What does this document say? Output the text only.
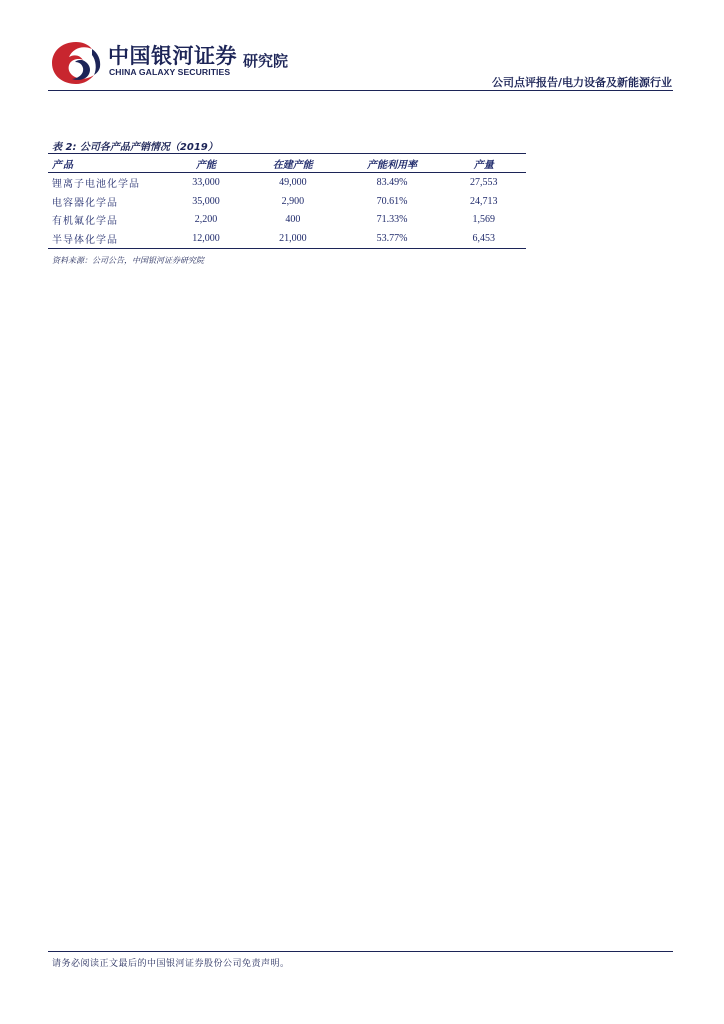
中国银河证券
CHINA GALAXY SECURITIES
研究院
公司点评报告/电力设备及新能源行业
表 2: 公司各产品产销情况（2019）
产品	产能	在建产能	产能利用率	产量
锂离子电池化学品	33,000	49,000	83.49%	27,553
电容器化学品	35,000	2,900	70.61%	24,713
有机氟化学品	2,200	400	71.33%	1,569
半导体化学品	12,000	21,000	53.77%	6,453
资料来源：公司公告，中国银河证券研究院
请务必阅读正文最后的中国银河证券股份公司免责声明。
